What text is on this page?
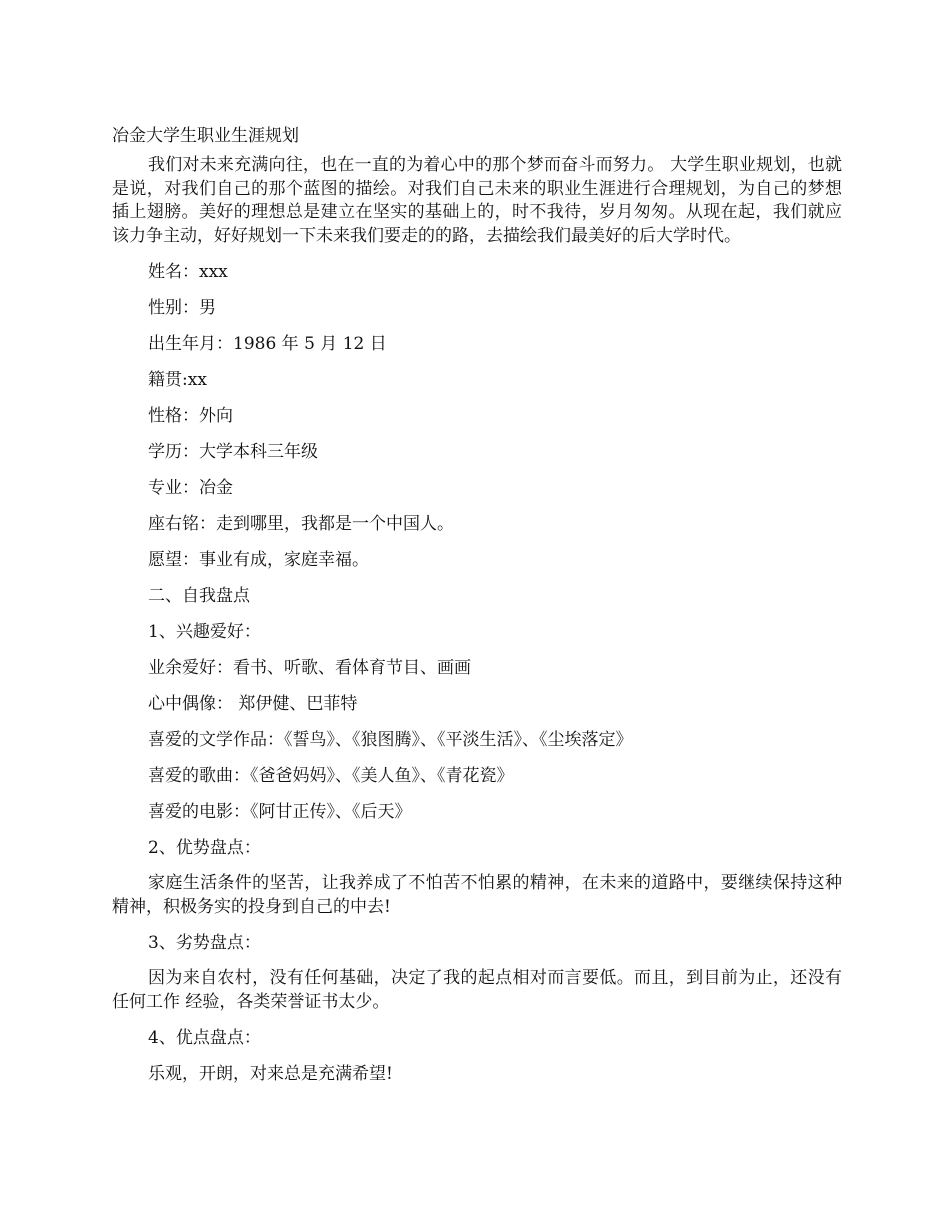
冶金大学生职业生涯规划

我们对未来充满向往，也在一直的为着心中的那个梦而奋斗而努力。 大学生职业规划，也就是说，对我们自己的那个蓝图的描绘。对我们自己未来的职业生涯进行合理规划，为自己的梦想插上翅膀。美好的理想总是建立在坚实的基础上的，时不我待，岁月匆匆。从现在起，我们就应该力争主动，好好规划一下未来我们要走的的路，去描绘我们最美好的后大学时代。

姓名：xxx

性别：男

出生年月：1986 年 5 月 12 日

籍贯:xx

性格：外向

学历：大学本科三年级

专业：冶金

座右铭：走到哪里，我都是一个中国人。

愿望：事业有成，家庭幸福。

二、自我盘点

1、兴趣爱好：

业余爱好：看书、听歌、看体育节目、画画

心中偶像： 郑伊健、巴菲特

喜爱的文学作品：《誓鸟》、《狼图腾》、《平淡生活》、《尘埃落定》

喜爱的歌曲：《爸爸妈妈》、《美人鱼》、《青花瓷》

喜爱的电影：《阿甘正传》、《后天》

2、优势盘点：

家庭生活条件的坚苦，让我养成了不怕苦不怕累的精神，在未来的道路中，要继续保持这种精神，积极务实的投身到自己的中去!

3、劣势盘点：

因为来自农村，没有任何基础，决定了我的起点相对而言要低。而且，到目前为止，还没有任何工作 经验，各类荣誉证书太少。

4、优点盘点：

乐观，开朗，对来总是充满希望!
